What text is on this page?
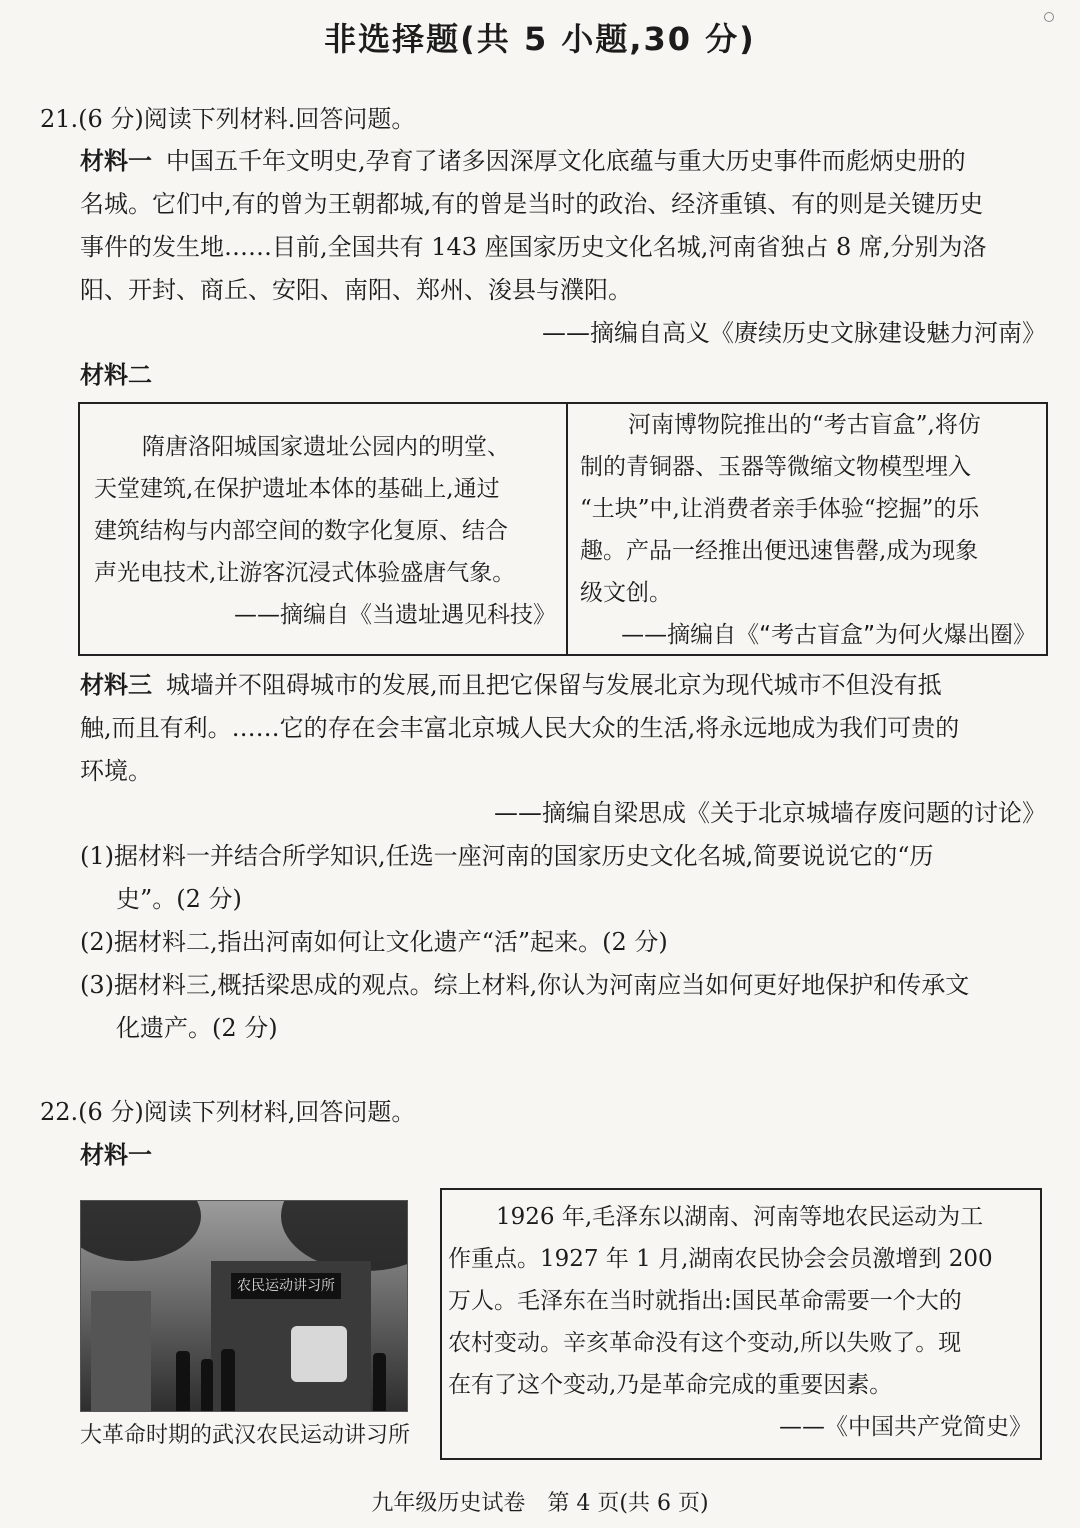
非选择题(共 5 小题,30 分)
21.(6 分)阅读下列材料.回答问题。
材料一 中国五千年文明史,孕育了诸多因深厚文化底蕴与重大历史事件而彪炳史册的
名城。它们中,有的曾为王朝都城,有的曾是当时的政治、经济重镇、有的则是关键历史
事件的发生地……目前,全国共有 143 座国家历史文化名城,河南省独占 8 席,分别为洛
阳、开封、商丘、安阳、南阳、郑州、浚县与濮阳。
——摘编自高义《赓续历史文脉建设魅力河南》
材料二
隋唐洛阳城国家遗址公园内的明堂、
天堂建筑,在保护遗址本体的基础上,通过
建筑结构与内部空间的数字化复原、结合
声光电技术,让游客沉浸式体验盛唐气象。
——摘编自《当遗址遇见科技》
河南博物院推出的“考古盲盒”,将仿
制的青铜器、玉器等微缩文物模型埋入
“土块”中,让消费者亲手体验“挖掘”的乐
趣。产品一经推出便迅速售罄,成为现象
级文创。
——摘编自《“考古盲盒”为何火爆出圈》
材料三 城墙并不阻碍城市的发展,而且把它保留与发展北京为现代城市不但没有抵
触,而且有利。……它的存在会丰富北京城人民大众的生活,将永远地成为我们可贵的
环境。
——摘编自梁思成《关于北京城墙存废问题的讨论》
(1)据材料一并结合所学知识,任选一座河南的国家历史文化名城,简要说说它的“历
史”。(2 分)
(2)据材料二,指出河南如何让文化遗产“活”起来。(2 分)
(3)据材料三,概括梁思成的观点。综上材料,你认为河南应当如何更好地保护和传承文
化遗产。(2 分)
22.(6 分)阅读下列材料,回答问题。
材料一
农民运动讲习所
大革命时期的武汉农民运动讲习所
1926 年,毛泽东以湖南、河南等地农民运动为工
作重点。1927 年 1 月,湖南农民协会会员激增到 200
万人。毛泽东在当时就指出:国民革命需要一个大的
农村变动。辛亥革命没有这个变动,所以失败了。现
在有了这个变动,乃是革命完成的重要因素。
——《中国共产党简史》
九年级历史试卷　第 4 页(共 6 页)
